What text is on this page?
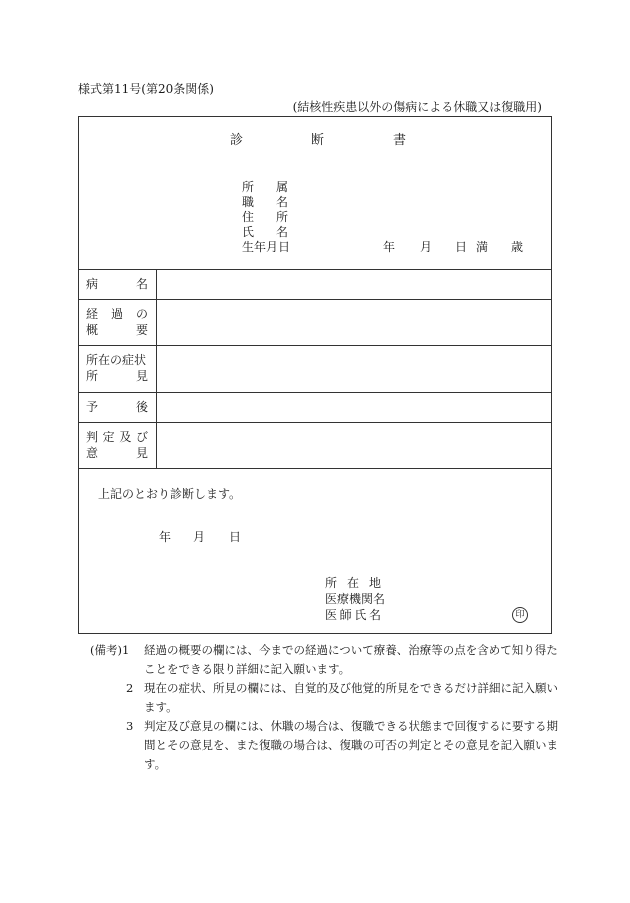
様式第11号(第20条関係)
(結核性疾患以外の傷病による休職又は復職用)
診	断	書
所 属
職 名
住 所
氏 名
生年月日	年 月 日 満 歳
病	名
経 過 の
概	要
所在の症状
所	見
予	後
判 定 及 び
意	見
上記のとおり診断します。
年 月 日
所 在 地
医療機関名
医 師 氏 名	印
(備考)1	経過の概要の欄には、今までの経過について療養、治療等の点を含めて知り得たことをできる限り詳細に記入願います。
2 現在の症状、所見の欄には、自覚的及び他覚的所見をできるだけ詳細に記入願います。
3 判定及び意見の欄には、休職の場合は、復職できる状態まで回復するに要する期間とその意見を、また復職の場合は、復職の可否の判定とその意見を記入願います。
